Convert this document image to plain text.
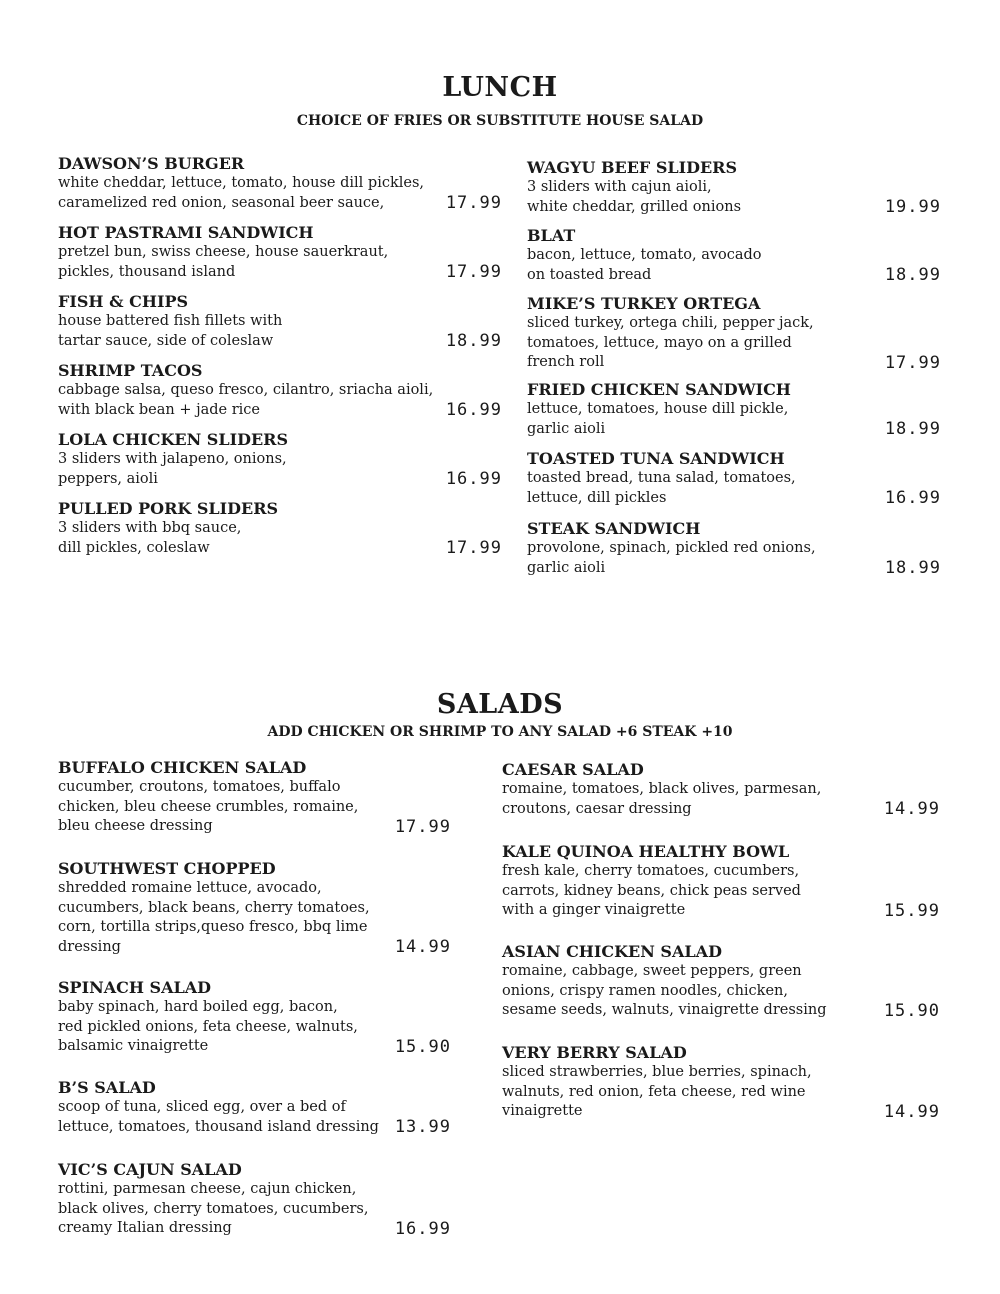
LUNCH

CHOICE OF FRIES OR SUBSTITUTE HOUSE SALAD

DAWSON’S BURGER
white cheddar, lettuce, tomato, house dill pickles,
caramelized red onion, seasonal beer sauce,	17.99
HOT PASTRAMI SANDWICH
pretzel bun, swiss cheese, house sauerkraut,
pickles, thousand island	17.99
FISH & CHIPS
house battered fish fillets with
tartar sauce, side of coleslaw	18.99
SHRIMP TACOS
cabbage salsa, queso fresco, cilantro, sriacha aioli,
with black bean + jade rice	16.99
LOLA CHICKEN SLIDERS
3 sliders with jalapeno, onions,
peppers, aioli	16.99
PULLED PORK SLIDERS
3 sliders with bbq sauce,
dill pickles, coleslaw	17.99
WAGYU BEEF SLIDERS
3 sliders with cajun aioli,
white cheddar, grilled onions	19.99
BLAT
bacon, lettuce, tomato, avocado
on toasted bread	18.99
MIKE’S TURKEY ORTEGA
sliced turkey, ortega chili, pepper jack,
tomatoes, lettuce, mayo on a grilled
french roll	17.99
FRIED CHICKEN SANDWICH
lettuce, tomatoes, house dill pickle,
garlic aioli	18.99
TOASTED TUNA SANDWICH
toasted bread, tuna salad, tomatoes,
lettuce, dill pickles	16.99
STEAK SANDWICH
provolone, spinach, pickled red onions,
garlic aioli	18.99
SALADS

ADD CHICKEN OR SHRIMP TO ANY SALAD +6 STEAK +10

BUFFALO CHICKEN SALAD
cucumber, croutons, tomatoes, buffalo
chicken, bleu cheese crumbles, romaine,
bleu cheese dressing	17.99
SOUTHWEST CHOPPED
shredded romaine lettuce, avocado,
cucumbers, black beans, cherry tomatoes,
corn, tortilla strips,queso fresco, bbq lime
dressing	14.99
SPINACH SALAD
baby spinach, hard boiled egg, bacon,
red pickled onions, feta cheese, walnuts,
balsamic vinaigrette	15.90
B’S SALAD
scoop of tuna, sliced egg, over a bed of
lettuce, tomatoes, thousand island dressing 13.99
VIC’S CAJUN SALAD
rottini, parmesan cheese, cajun chicken,
black olives, cherry tomatoes, cucumbers,
creamy Italian dressing	16.99
CAESAR SALAD
romaine, tomatoes, black olives, parmesan,
croutons, caesar dressing	14.99
KALE QUINOA HEALTHY BOWL
fresh kale, cherry tomatoes, cucumbers,
carrots, kidney beans, chick peas served
with a ginger vinaigrette	15.99
ASIAN CHICKEN SALAD
romaine, cabbage, sweet peppers, green
onions, crispy ramen noodles, chicken,
sesame seeds, walnuts, vinaigrette dressing	15.90
VERY BERRY SALAD
sliced strawberries, blue berries, spinach,
walnuts, red onion, feta cheese, red wine
vinaigrette	14.99
